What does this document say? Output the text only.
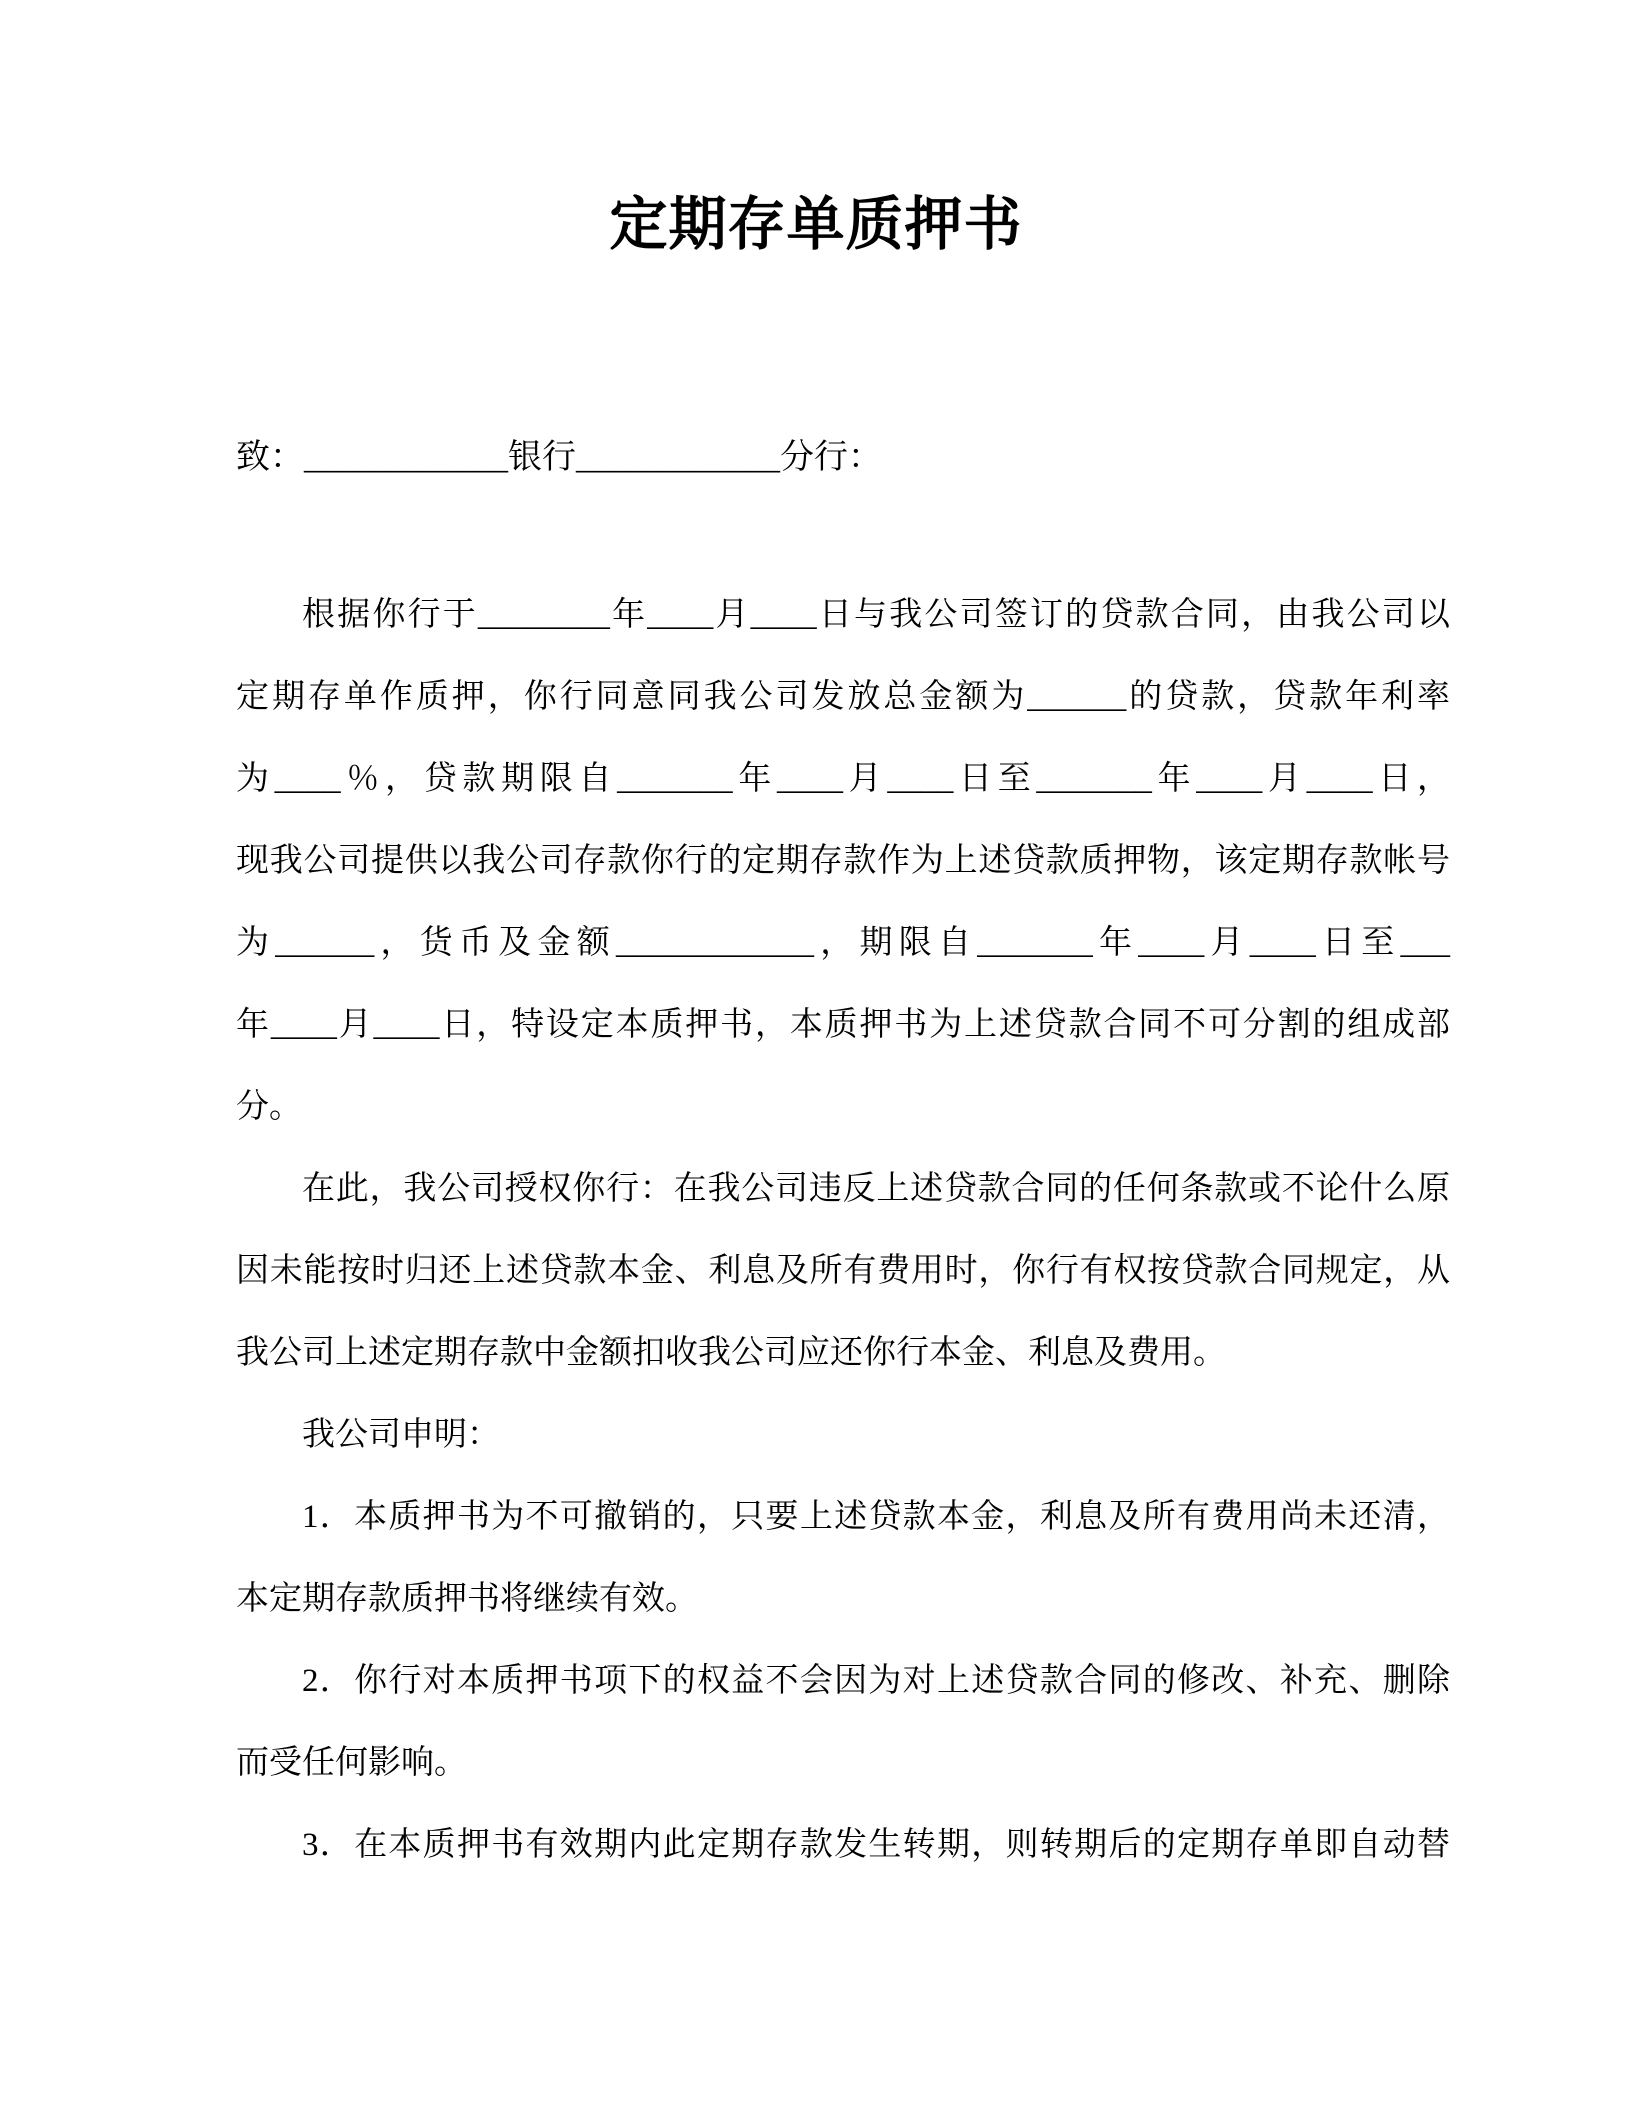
定期存单质押书
致：____________银行____________分行：
根据你行于________年____月____日与我公司签订的贷款合同，由我公司以
定期存单作质押，你行同意同我公司发放总金额为______的贷款，贷款年利率
为____％，贷款期限自_______年____月____日至_______年____月____日，
现我公司提供以我公司存款你行的定期存款作为上述贷款质押物，该定期存款帐号
为______，货币及金额____________，期限自_______年____月____日至___
年____月____日，特设定本质押书，本质押书为上述贷款合同不可分割的组成部
分。
在此，我公司授权你行：在我公司违反上述贷款合同的任何条款或不论什么原
因未能按时归还上述贷款本金、利息及所有费用时，你行有权按贷款合同规定，从
我公司上述定期存款中金额扣收我公司应还你行本金、利息及费用。
我公司申明：
1．本质押书为不可撤销的，只要上述贷款本金，利息及所有费用尚未还清，
本定期存款质押书将继续有效。
2．你行对本质押书项下的权益不会因为对上述贷款合同的修改、补充、删除
而受任何影响。
3．在本质押书有效期内此定期存款发生转期，则转期后的定期存单即自动替
